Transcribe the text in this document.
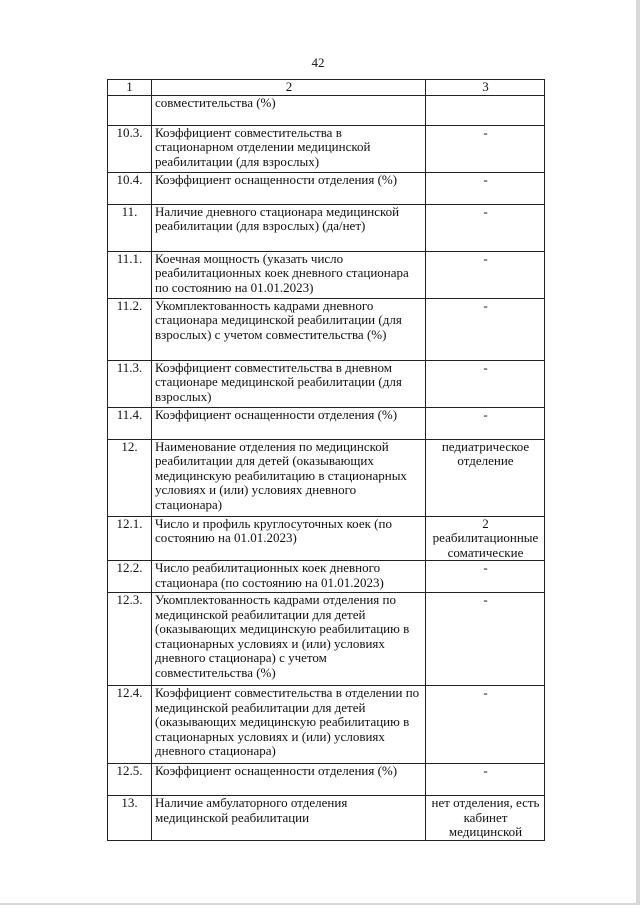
42
1	2	3
	совместительства (%)	
10.3.	Коэффициент совместительства в стационарном отделении медицинской реабилитации (для взрослых)	-
10.4.	Коэффициент оснащенности отделения (%)	-
11.	Наличие дневного стационара медицинской реабилитации (для взрослых) (да/нет)	-
11.1.	Коечная мощность (указать число реабилитационных коек дневного стационара по состоянию на 01.01.2023)	-
11.2.	Укомплектованность кадрами дневного стационара медицинской реабилитации (для взрослых) с учетом совместительства (%)	-
11.3.	Коэффициент совместительства в дневном стационаре медицинской реабилитации (для взрослых)	-
11.4.	Коэффициент оснащенности отделения (%)	-
12.	Наименование отделения по медицинской реабилитации для детей (оказывающих медицинскую реабилитацию в стационарных условиях и (или) условиях дневного стационара)	педиатрическое отделение
12.1.	Число и профиль круглосуточных коек (по состоянию на 01.01.2023)	2 реабилитационные соматические
12.2.	Число реабилитационных коек дневного стационара (по состоянию на 01.01.2023)	-
12.3.	Укомплектованность кадрами отделения по медицинской реабилитации для детей (оказывающих медицинскую реабилитацию в стационарных условиях и (или) условиях дневного стационара) с учетом совместительства (%)	-
12.4.	Коэффициент совместительства в отделении по медицинской реабилитации для детей (оказывающих медицинскую реабилитацию в стационарных условиях и (или) условиях дневного стационара)	-
12.5.	Коэффициент оснащенности отделения (%)	-
13.	Наличие амбулаторного отделения медицинской реабилитации	нет отделения, есть кабинет медицинской
